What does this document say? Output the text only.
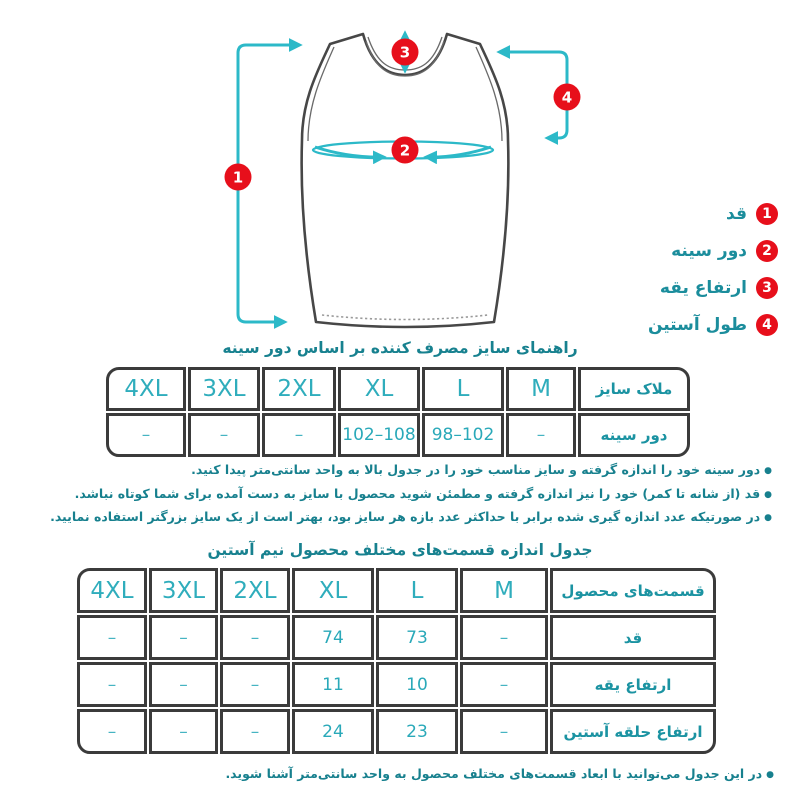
1
2
3
4
قد	1
دور سینه	2
ارتفاع یقه	3
طول آستین	4
راهنمای سایز مصرف کننده بر اساس دور سینه
4XL	3XL	2XL	XL	L	M	ملاک سایز
–	–	–	102–108	98–102	–	دور سینه
●دور سینه خود را اندازه گرفته و سایز مناسب خود را در جدول بالا به واحد سانتی‌متر پیدا کنید.
●قد (از شانه تا کمر) خود را نیز اندازه گرفته و مطمئن شوید محصول با سایز به دست آمده برای شما کوتاه نباشد.
●در صورتیکه عدد اندازه گیری شده برابر با حداکثر عدد بازه هر سایز بود، بهتر است از یک سایز بزرگتر استفاده نمایید.
جدول اندازه قسمت‌های مختلف محصول نیم آستین
4XL	3XL	2XL	XL	L	M	قسمت‌های محصول
–	–	–	74	73	–	قد
–	–	–	11	10	–	ارتفاع یقه
–	–	–	24	23	–	ارتفاع حلقه آستین
●در این جدول می‌توانید با ابعاد قسمت‌های مختلف محصول به واحد سانتی‌متر آشنا شوید.
